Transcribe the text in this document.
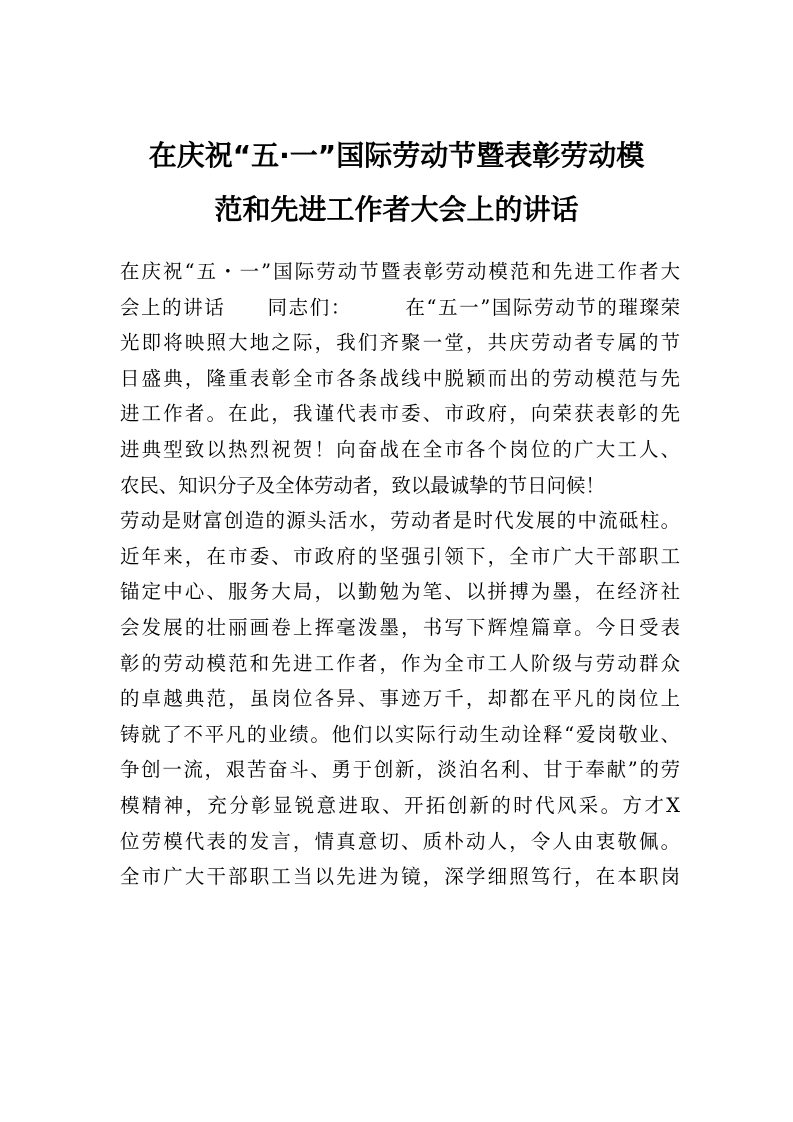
在庆祝“五·一”国际劳动节暨表彰劳动模
范和先进工作者大会上的讲话
在庆祝“五・一”国际劳动节暨表彰劳动模范和先进工作者大
会上的讲话　　同志们：　　　在“五一”国际劳动节的璀璨荣
光即将映照大地之际，我们齐聚一堂，共庆劳动者专属的节
日盛典，隆重表彰全市各条战线中脱颖而出的劳动模范与先
进工作者。在此，我谨代表市委、市政府，向荣获表彰的先
进典型致以热烈祝贺！向奋战在全市各个岗位的广大工人、
农民、知识分子及全体劳动者，致以最诚挚的节日问候！
劳动是财富创造的源头活水，劳动者是时代发展的中流砥柱。
近年来，在市委、市政府的坚强引领下，全市广大干部职工
锚定中心、服务大局，以勤勉为笔、以拼搏为墨，在经济社
会发展的壮丽画卷上挥毫泼墨，书写下辉煌篇章。今日受表
彰的劳动模范和先进工作者，作为全市工人阶级与劳动群众
的卓越典范，虽岗位各异、事迹万千，却都在平凡的岗位上
铸就了不平凡的业绩。他们以实际行动生动诠释“爱岗敬业、
争创一流，艰苦奋斗、勇于创新，淡泊名利、甘于奉献”的劳
模精神，充分彰显锐意进取、开拓创新的时代风采。方才X
位劳模代表的发言，情真意切、质朴动人，令人由衷敬佩。
全市广大干部职工当以先进为镜，深学细照笃行，在本职岗
